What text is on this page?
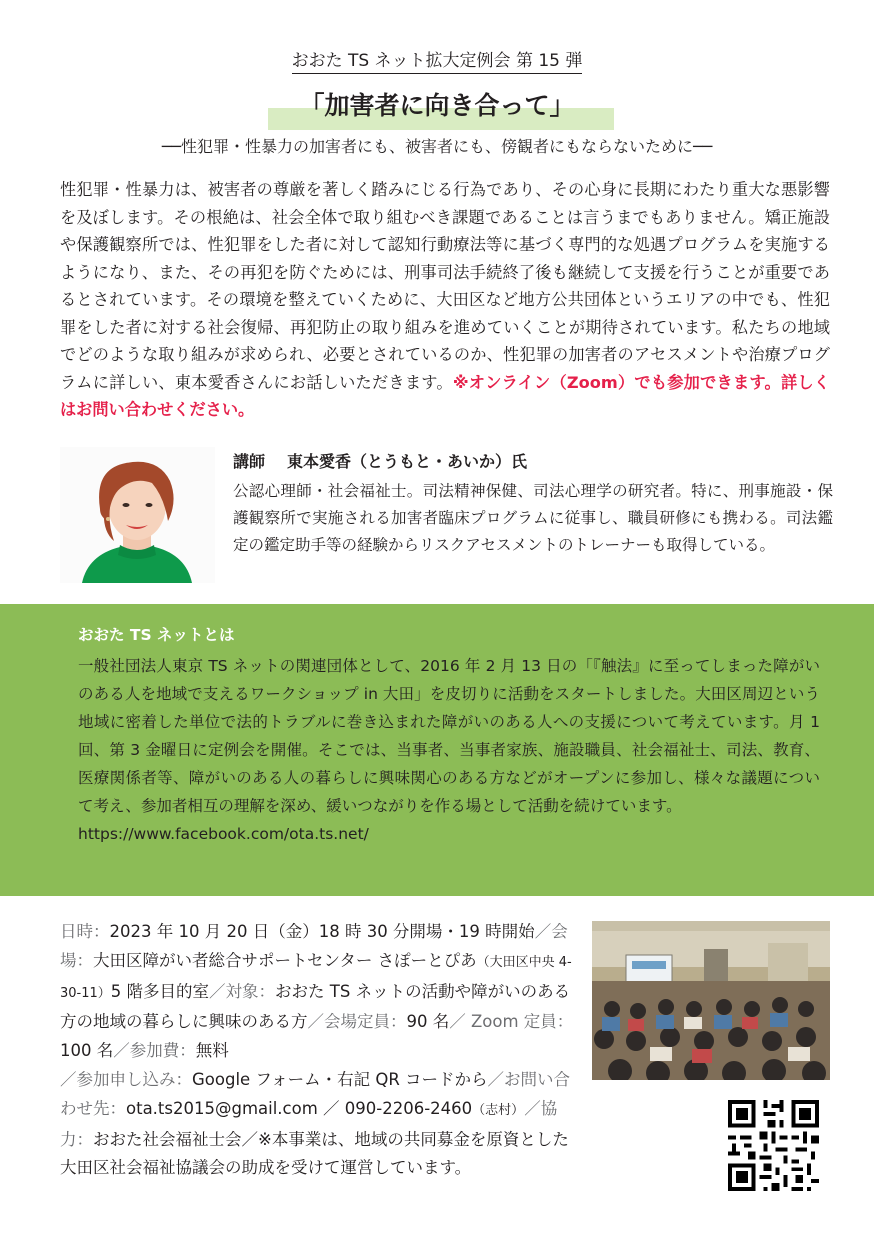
おおた TS ネット拡大定例会 第 15 弾
「加害者に向き合って」
──性犯罪・性暴力の加害者にも、被害者にも、傍観者にもならないために──
性犯罪・性暴力は、被害者の尊厳を著しく踏みにじる行為であり、その心身に長期にわたり重大な悪影響を及ぼします。その根絶は、社会全体で取り組むべき課題であることは言うまでもありません。矯正施設や保護観察所では、性犯罪をした者に対して認知行動療法等に基づく専門的な処遇プログラムを実施するようになり、また、その再犯を防ぐためには、刑事司法手続終了後も継続して支援を行うことが重要であるとされています。その環境を整えていくために、大田区など地方公共団体というエリアの中でも、性犯罪をした者に対する社会復帰、再犯防止の取り組みを進めていくことが期待されています。私たちの地域でどのような取り組みが求められ、必要とされているのか、性犯罪の加害者のアセスメントや治療プログラムに詳しい、東本愛香さんにお話しいただきます。※オンライン（Zoom）でも参加できます。詳しくはお問い合わせください。
講師 東本愛香（とうもと・あいか）氏
公認心理師・社会福祉士。司法精神保健、司法心理学の研究者。特に、刑事施設・保護観察所で実施される加害者臨床プログラムに従事し、職員研修にも携わる。司法鑑定の鑑定助手等の経験からリスクアセスメントのトレーナーも取得している。
おおた TS ネットとは
一般社団法人東京 TS ネットの関連団体として、2016 年 2 月 13 日の「『触法』に至ってしまった障がいのある人を地域で支えるワークショップ in 大田」を皮切りに活動をスタートしました。大田区周辺という地域に密着した単位で法的トラブルに巻き込まれた障がいのある人への支援について考えています。月 1 回、第 3 金曜日に定例会を開催。そこでは、当事者、当事者家族、施設職員、社会福祉士、司法、教育、医療関係者等、障がいのある人の暮らしに興味関心のある方などがオープンに参加し、様々な議題について考え、参加者相互の理解を深め、緩いつながりを作る場として活動を続けています。
https://www.facebook.com/ota.ts.net/
日時：2023 年 10 月 20 日（金）18 時 30 分開場・19 時開始／会場：大田区障がい者総合サポートセンター さぽーとぴあ（大田区中央 4-30-11）5 階多目的室／対象：おおた TS ネットの活動や障がいのある方の地域の暮らしに興味のある方／会場定員：90 名／ Zoom 定員：100 名／参加費：無料
／参加申し込み：Google フォーム・右記 QR コードから／お問い合わせ先：ota.ts2015@gmail.com ／ 090-2206-2460（志村）／協力：おおた社会福祉士会／※本事業は、地域の共同募金を原資とした大田区社会福祉協議会の助成を受けて運営しています。
